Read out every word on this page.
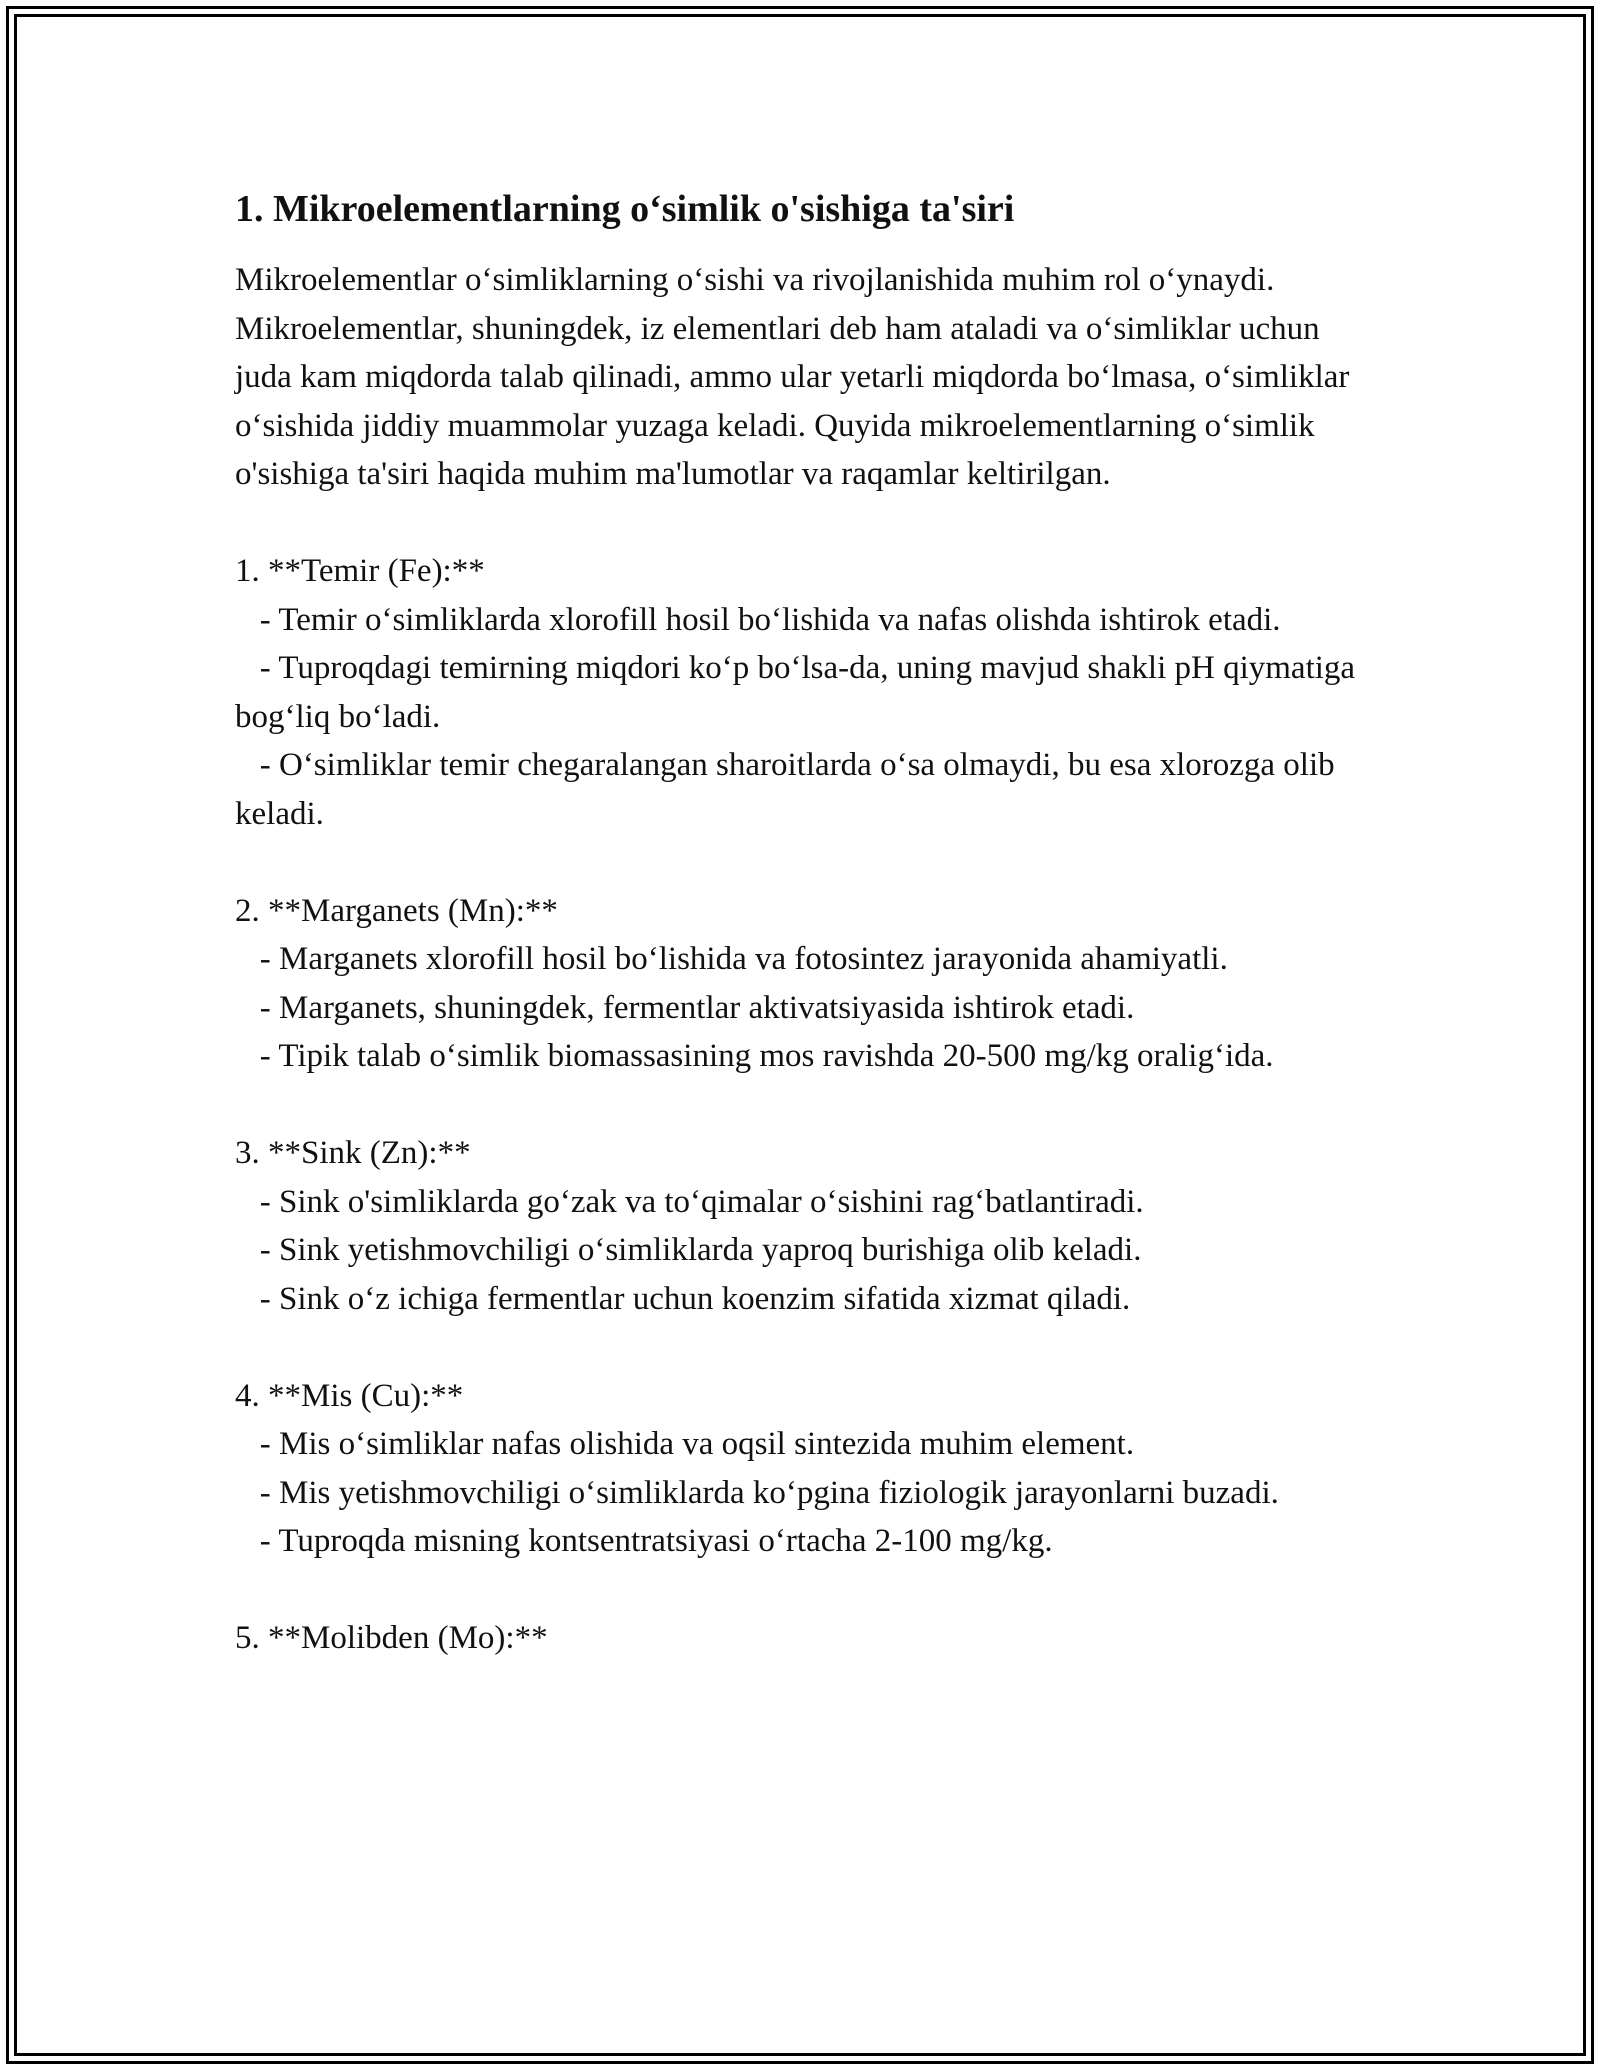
1. Mikroelementlarning o‘simlik o'sishiga ta'siri

Mikroelementlar o‘simliklarning o‘sishi va rivojlanishida muhim rol o‘ynaydi. Mikroelementlar, shuningdek, iz elementlari deb ham ataladi va o‘simliklar uchun juda kam miqdorda talab qilinadi, ammo ular yetarli miqdorda bo‘lmasa, o‘simliklar o‘sishida jiddiy muammolar yuzaga keladi. Quyida mikroelementlarning o‘simlik o'sishiga ta'siri haqida muhim ma'lumotlar va raqamlar keltirilgan.

1. **Temir (Fe):**

- Temir o‘simliklarda xlorofill hosil bo‘lishida va nafas olishda ishtirok etadi.

- Tuproqdagi temirning miqdori ko‘p bo‘lsa-da, uning mavjud shakli pH qiymatiga bog‘liq bo‘ladi.

- O‘simliklar temir chegaralangan sharoitlarda o‘sa olmaydi, bu esa xlorozga olib keladi.

2. **Marganets (Mn):**

- Marganets xlorofill hosil bo‘lishida va fotosintez jarayonida ahamiyatli.

- Marganets, shuningdek, fermentlar aktivatsiyasida ishtirok etadi.

- Tipik talab o‘simlik biomassasining mos ravishda 20-500 mg/kg oralig‘ida.

3. **Sink (Zn):**

- Sink o'simliklarda go‘zak va to‘qimalar o‘sishini rag‘batlantiradi.

- Sink yetishmovchiligi o‘simliklarda yaproq burishiga olib keladi.

- Sink o‘z ichiga fermentlar uchun koenzim sifatida xizmat qiladi.

4. **Mis (Cu):**

- Mis o‘simliklar nafas olishida va oqsil sintezida muhim element.

- Mis yetishmovchiligi o‘simliklarda ko‘pgina fiziologik jarayonlarni buzadi.

- Tuproqda misning kontsentratsiyasi o‘rtacha 2-100 mg/kg.

5. **Molibden (Mo):**
